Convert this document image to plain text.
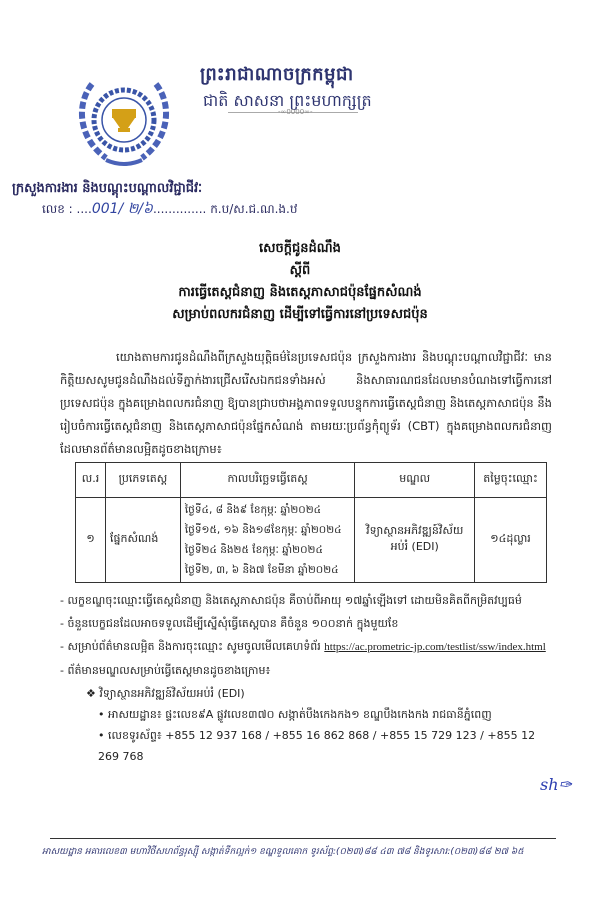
ព្រះរាជាណាចក្រកម្ពុជា
ជាតិ សាសនា ព្រះមហាក្សត្រ
-∞0000∞-
ក្រសួងការងារ និងបណ្តុះបណ្តាលវិជ្ជាជីវៈ
លេខ : ....001/ ២/៦.............. ក.ប/ស.ជ.ណ.ង.ឋ
សេចក្តីជូនដំណឹង
ស្តីពី
ការធ្វើតេស្តជំនាញ និងតេស្តភាសាជប៉ុនផ្នែកសំណង់
សម្រាប់ពលករជំនាញ ដើម្បីទៅធ្វើការនៅប្រទេសជប៉ុន
យោងតាមការជូនដំណឹងពីក្រសួងយុត្តិធម៌នៃប្រទេសជប៉ុន ក្រសួងការងារ និងបណ្តុះបណ្តាលវិជ្ជាជីវៈ មានកិត្តិយសសូមជូនដំណឹងដល់ទីភ្នាក់ងារជ្រើសរើសឯកជនទាំងអស់ និងសាធារណជនដែលមានបំណងទៅធ្វើការនៅប្រទេសជប៉ុន ក្នុងគម្រោងពលករជំនាញ ឱ្យបានជ្រាបថាអង្គភាពទទួលបន្ទុកការធ្វើតេស្តជំនាញ និងតេស្តភាសាជប៉ុន នឹងរៀបចំការធ្វើតេស្តជំនាញ និងតេស្តភាសាជប៉ុនផ្នែកសំណង់ តាមរយៈប្រព័ន្ធកុំព្យូទ័រ (CBT) ក្នុងគម្រោងពលករជំនាញ ដែលមានព័ត៌មានលម្អិតដូចខាងក្រោម៖
ល.រ	ប្រភេទតេស្ត	កាលបរិច្ឆេទធ្វើតេស្ត	មណ្ឌល	តម្លៃចុះឈ្មោះ
១	ផ្នែកសំណង់	ថ្ងៃទី៤, ៨ និង៩ ខែកុម្ភៈ ឆ្នាំ២០២៤
ថ្ងៃទី១៥, ១៦ និង១៨ខែកុម្ភៈ ឆ្នាំ២០២៤
ថ្ងៃទី២៤ និង២៥ ខែកុម្ភៈ ឆ្នាំ២០២៤
ថ្ងៃទី២, ៣, ៦ និង៧ ខែមីនា ឆ្នាំ២០២៤	វិទ្យាស្ថានអភិវឌ្ឍន៍វិស័យអប់រំ (EDI)	១៤ដុល្លារ
- លក្ខខណ្ឌចុះឈ្មោះធ្វើតេស្តជំនាញ និងតេស្តភាសាជប៉ុន គឺចាប់ពីអាយុ ១៧ឆ្នាំឡើងទៅ ដោយមិនគិតពីកម្រិតវប្បធម៌
- ចំនួនបេក្ខជនដែលអាចទទួលដើម្បីស្នើសុំធ្វើតេស្តបាន គឺចំនួន ១០០នាក់ ក្នុងមួយខែ
- សម្រាប់ព័ត៌មានលម្អិត និងការចុះឈ្មោះ សូមចូលមើលគេហទំព័រ https://ac.prometric-jp.com/testlist/ssw/index.html
- ព័ត៌មានមណ្ឌលសម្រាប់ធ្វើតេស្តមានដូចខាងក្រោម៖
❖ វិទ្យាស្ថានអភិវឌ្ឍន៍វិស័យអប់រំ (EDI)
• អាសយដ្ឋាន៖ ផ្ទះលេខ៩A ផ្លូវលេខ៣៧០ សង្កាត់បឹងកេងកង១ ខណ្ឌបឹងកេងកង រាជធានីភ្នំពេញ
• លេខទូរស័ព្ទ៖ +855 12 937 168 / +855 16 862 868 / +855 15 729 123 / +855 12 269 768
sh✑
អាសយដ្ឋាន អគារលេខ៣ មហាវិថីសហព័ន្ធរុស្ស៊ី សង្កាត់ទឹកល្អក់១ ខណ្ឌទួលគោក ទូរស័ព្ទ:(០២៣)៨៨ ៤៣ ៧៨ និងទូរសារ:(០២៣)៨៨ ២៧ ៦៥
